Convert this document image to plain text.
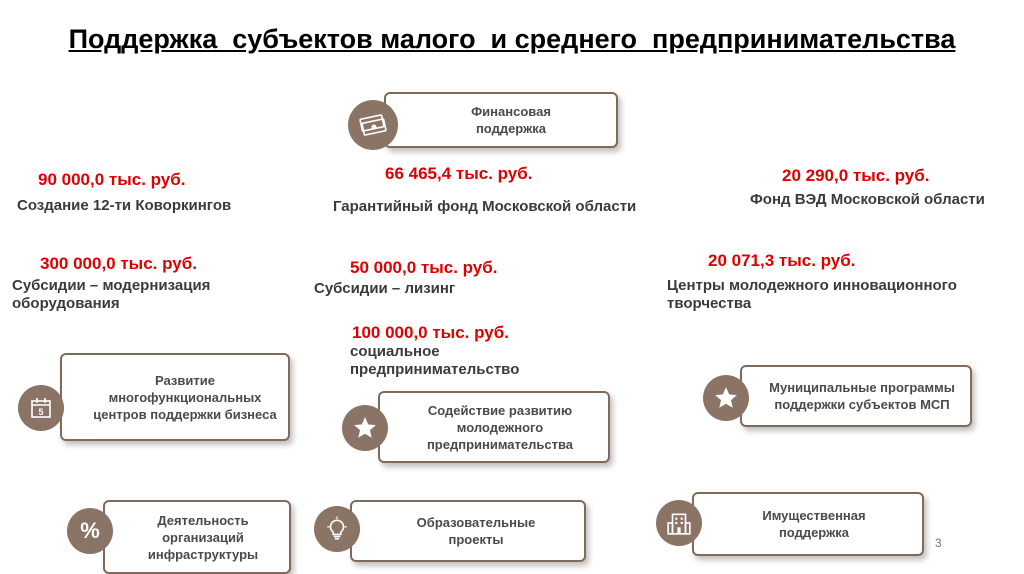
Поддержка  субъектов малого  и среднего  предпринимательства
Финансовая поддержка
90 000,0 тыс. руб.
Создание 12-ти Коворкингов
300 000,0 тыс. руб.
Субсидии – модернизация оборудования
66 465,4 тыс. руб.
Гарантийный фонд Московской области
50 000,0 тыс. руб.
Субсидии – лизинг
100 000,0 тыс. руб.
социальное предпринимательство
20 290,0 тыс. руб.
Фонд ВЭД Московской области
20 071,3 тыс. руб.
Центры молодежного инновационного творчества
Развитие многофункциональных центров поддержки бизнеса
5	Содействие развитию молодежного предпринимательства
Муниципальные программы поддержки субъектов МСП
Деятельность организаций инфраструктуры
%	Образовательные проекты
Имущественная поддержка
3
